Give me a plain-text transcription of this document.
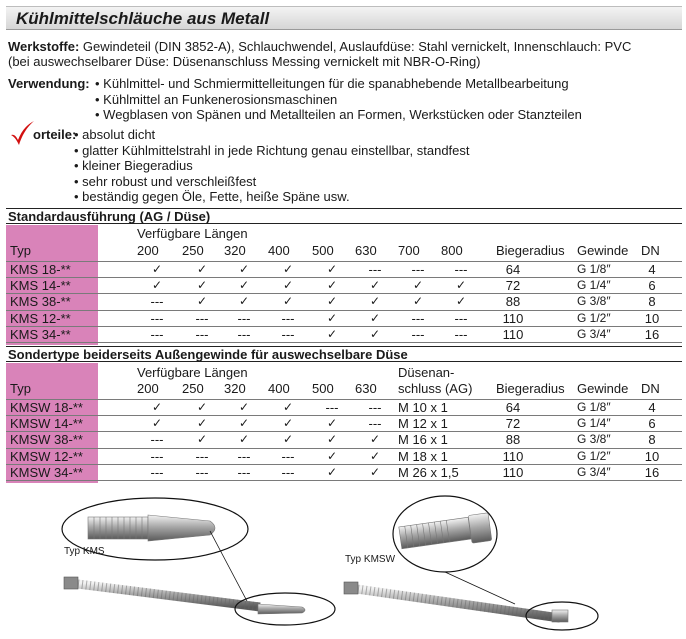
Kühlmittelschläuche aus Metall
Werkstoffe: Gewindeteil (DIN 3852-A), Schlauchwendel, Auslaufdüse: Stahl vernickelt, Innenschlauch: PVC
(bei auswechselbarer Düse: Düsenanschluss Messing vernickelt mit NBR-O-Ring)
Verwendung: • Kühlmittel- und Schmiermittelleitungen für die spanabhebende Metallbearbeitung
• Kühlmittel an Funkenerosionsmaschinen
• Wegblasen von Spänen und Metallteilen an Formen, Werkstücken oder Stanzteilen
orteile:
• absolut dicht
• glatter Kühlmittelstrahl in jede Richtung genau einstellbar, standfest
• kleiner Biegeradius
• sehr robust und verschleißfest
• beständig gegen Öle, Fette, heiße Späne usw.
Standardausführung (AG / Düse)
Verfügbare Längen
Typ	200 250 320 400 500 630 700 800	Biegeradius Gewinde DN
KMS 18-**	✓	✓	✓	✓	✓	---	---	---	64	G 1/8″	4
KMS 14-**	✓	✓	✓	✓	✓	✓	✓	✓	72	G 1/4″	6
KMS 38-**	---	✓	✓	✓	✓	✓	✓	✓	88	G 3/8″	8
KMS 12-**	---	---	---	---	✓	✓	---	---	110	G 1/2″	10
KMS 34-**	---	---	---	---	✓	✓	---	---	110	G 3/4″	16
Sondertype beiderseits Außengewinde für auswechselbare Düse
Verfügbare Längen	Düsenan-
Typ	200 250 320 400 500 630 schluss (AG) Biegeradius Gewinde DN
KMSW 18-**	✓	✓	✓	✓	---	---	M 10 x 1	64	G 1/8″	4
KMSW 14-**	✓	✓	✓	✓	✓	---	M 12 x 1	72	G 1/4″	6
KMSW 38-**	---	✓	✓	✓	✓	✓	M 16 x 1	88	G 3/8″	8
KMSW 12-**	---	---	---	---	✓	✓	M 18 x 1	110	G 1/2″	10
KMSW 34-**	---	---	---	---	✓	✓	M 26 x 1,5	110	G 3/4″	16
Typ KMS
Typ KMSW
